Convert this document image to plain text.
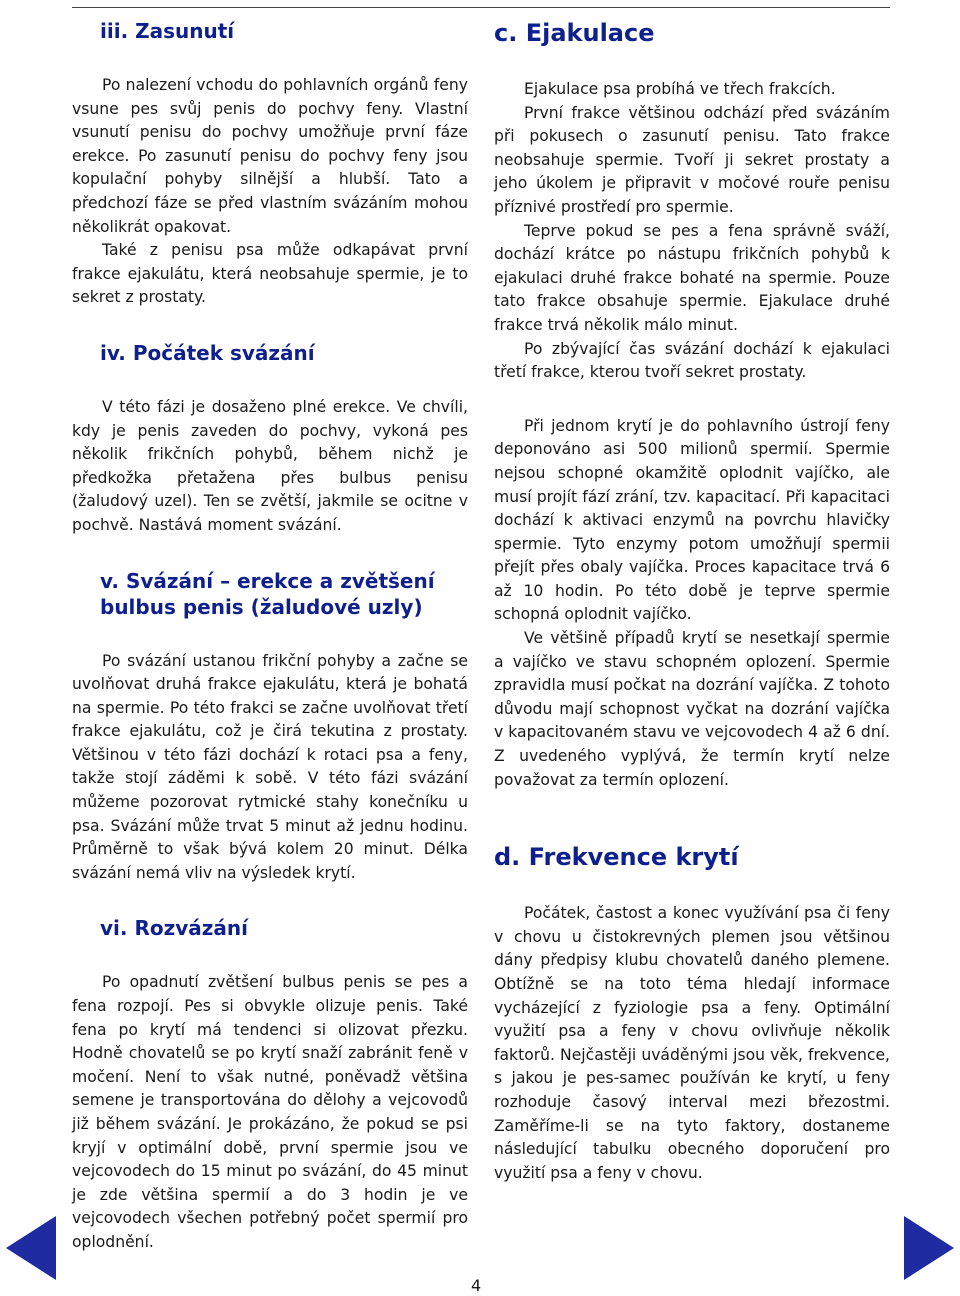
iii. Zasunutí

Po nalezení vchodu do pohlavních orgánů feny vsune pes svůj penis do pochvy feny. Vlastní vsunutí penisu do pochvy umožňuje první fáze erekce. Po zasunutí penisu do pochvy feny jsou kopulační pohyby silnější a hlubší. Tato a předchozí fáze se před vlastním svázáním mohou několikrát opakovat.

Také z penisu psa může odkapávat první frakce ejakulátu, která neobsahuje spermie, je to sekret z prostaty.

iv. Počátek svázání

V této fázi je dosaženo plné erekce. Ve chvíli, kdy je penis zaveden do pochvy, vykoná pes několik frikčních pohybů, během nichž je předkožka přetažena přes bulbus penisu (žaludový uzel). Ten se zvětší, jakmile se ocitne v pochvě. Nastává moment svázání.

v. Svázání – erekce a zvětšení bulbus penis (žaludové uzly)

Po svázání ustanou frikční pohyby a začne se uvolňovat druhá frakce ejakulátu, která je bohatá na spermie. Po této frakci se začne uvolňovat třetí frakce ejakulátu, což je čirá tekutina z prostaty. Většinou v této fázi dochází k rotaci psa a feny, takže stojí záděmi k sobě. V této fázi svázání můžeme pozorovat rytmické stahy konečníku u psa. Svázání může trvat 5 minut až jednu hodinu. Průměrně to však bývá kolem 20 minut. Délka svázání nemá vliv na výsledek krytí.

vi. Rozvázání

Po opadnutí zvětšení bulbus penis se pes a fena rozpojí. Pes si obvykle olizuje penis. Také fena po krytí má tendenci si olizovat přezku. Hodně chovatelů se po krytí snaží zabránit feně v močení. Není to však nutné, poněvadž většina semene je transportována do dělohy a vejcovodů již během svázání. Je prokázáno, že pokud se psi kryjí v optimální době, první spermie jsou ve vejcovodech do 15 minut po svázání, do 45 minut je zde většina spermií a do 3 hodin je ve vejcovodech všechen potřebný počet spermií pro oplodnění.

c. Ejakulace

Ejakulace psa probíhá ve třech frakcích.

První frakce většinou odchází před svázáním při pokusech o zasunutí penisu. Tato frakce neobsahuje spermie. Tvoří ji sekret prostaty a jeho úkolem je připravit v močové rouře penisu příznivé prostředí pro spermie.

Teprve pokud se pes a fena správně sváží, dochází krátce po nástupu frikčních pohybů k ejakulaci druhé frakce bohaté na spermie. Pouze tato frakce obsahuje spermie. Ejakulace druhé frakce trvá několik málo minut.

Po zbývající čas svázání dochází k ejakulaci třetí frakce, kterou tvoří sekret prostaty.

Při jednom krytí je do pohlavního ústrojí feny deponováno asi 500 milionů spermií. Spermie nejsou schopné okamžitě oplodnit vajíčko, ale musí projít fází zrání, tzv. kapacitací. Při kapacitaci dochází k aktivaci enzymů na povrchu hlavičky spermie. Tyto enzymy potom umožňují spermii přejít přes obaly vajíčka. Proces kapacitace trvá 6 až 10 hodin. Po této době je teprve spermie schopná oplodnit vajíčko.

Ve většině případů krytí se nesetkají spermie a vajíčko ve stavu schopném oplození. Spermie zpravidla musí počkat na dozrání vajíčka. Z tohoto důvodu mají schopnost vyčkat na dozrání vajíčka v kapacitovaném stavu ve vejcovodech 4 až 6 dní. Z uvedeného vyplývá, že termín krytí nelze považovat za termín oplození.

d. Frekvence krytí

Počátek, častost a konec využívání psa či feny v chovu u čistokrevných plemen jsou většinou dány předpisy klubu chovatelů daného plemene. Obtížně se na toto téma hledají informace vycházející z fyziologie psa a feny. Optimální využití psa a feny v chovu ovlivňuje několik faktorů. Nejčastěji uváděnými jsou věk, frekvence, s jakou je pes-samec používán ke krytí, u feny rozhoduje časový interval mezi březostmi. Zaměříme-li se na tyto faktory, dostaneme následující tabulku obecného doporučení pro využití psa a feny v chovu.

4
